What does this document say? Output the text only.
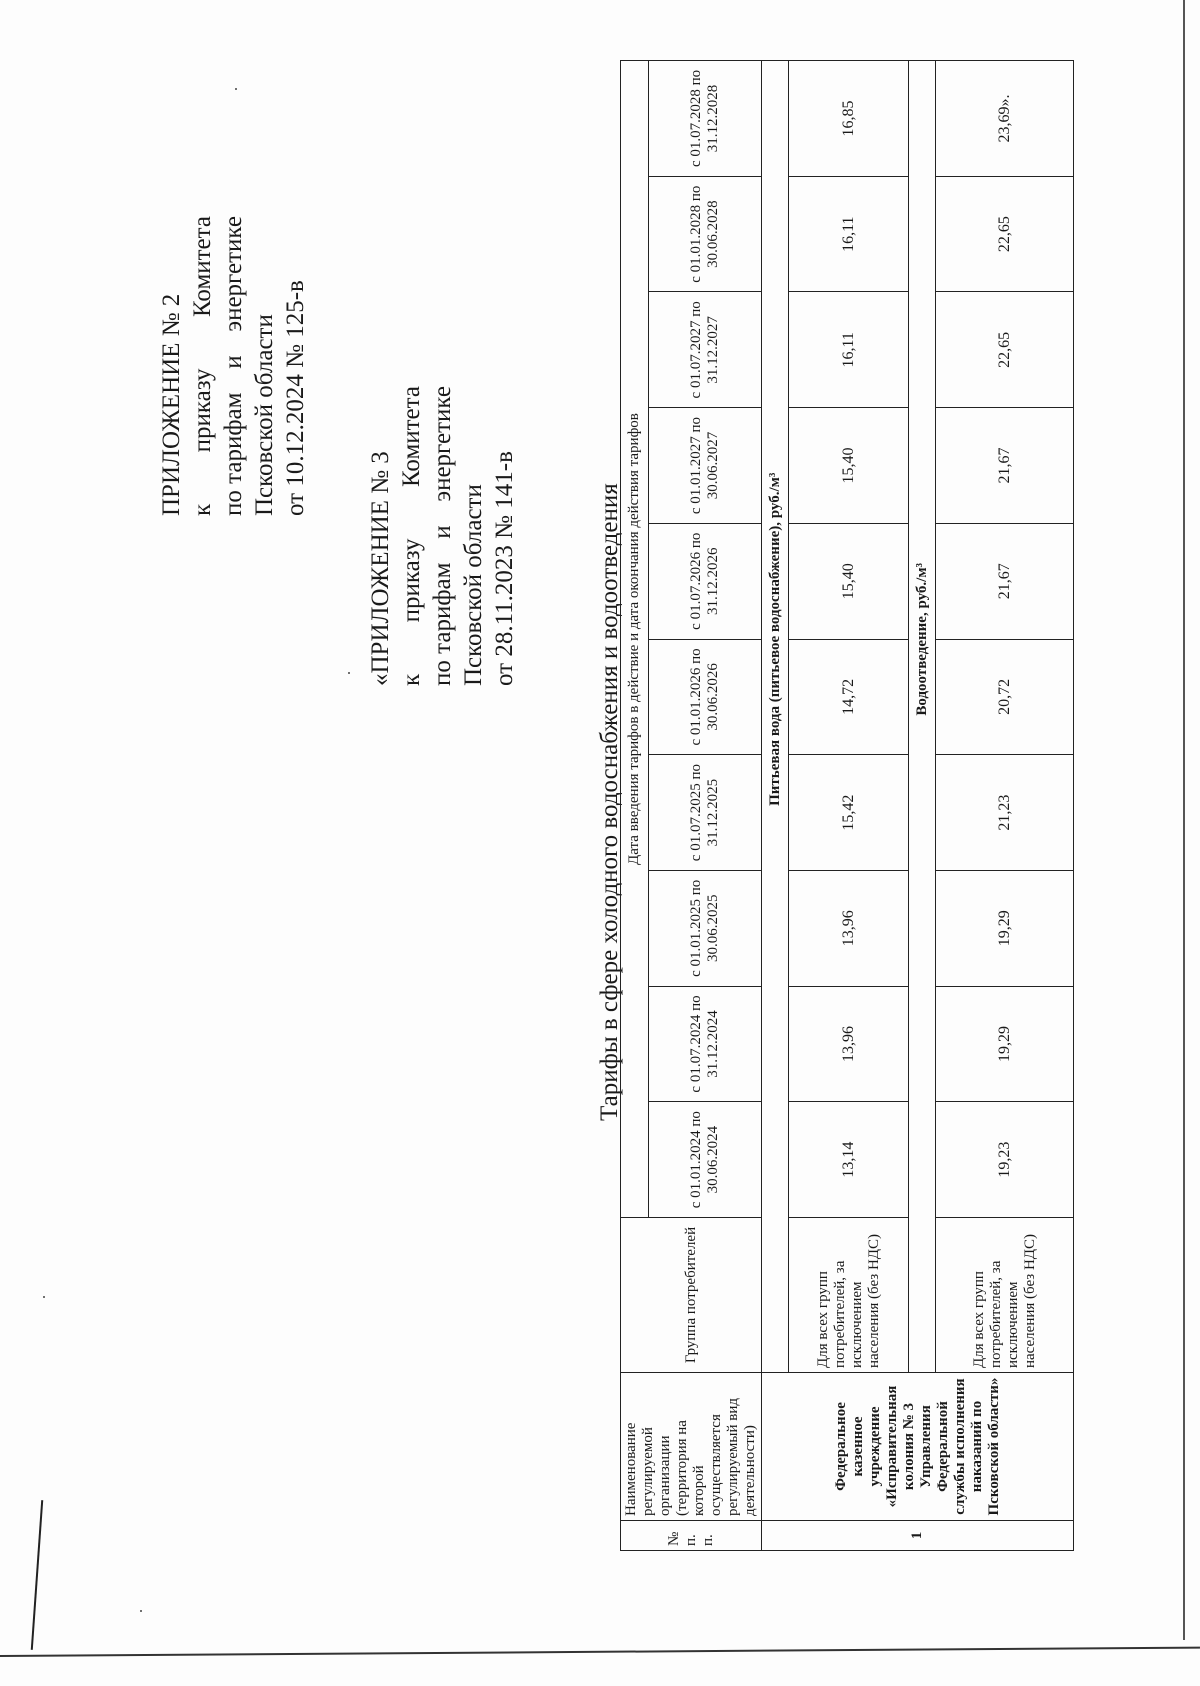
ПРИЛОЖЕНИЕ № 2 к
приказу
Комитета
по тарифам
и
энергетике
Псковской области от 10.12.2024 № 125-в
«ПРИЛОЖЕНИЕ № 3 к
приказу
Комитета
по тарифам
и
энергетике
Псковской области от 28.11.2023 № 141-в	Тарифы в сфере холодного водоснабжения и водоотведения
№ п. п.	Наименование регулируемой организации (территория на которой осуществляется регулируемый вид деятельности)	Группа потребителей	Дата введения тарифов в действие и дата окончания действия тарифов									
			с 01.01.2024 по 30.06.2024	с 01.07.2024 по 31.12.2024	с 01.01.2025 по 30.06.2025	с 01.07.2025 по 31.12.2025	с 01.01.2026 по 30.06.2026	с 01.07.2026 по 31.12.2026	с 01.01.2027 по 30.06.2027	с 01.07.2027 по 31.12.2027	с 01.01.2028 по 30.06.2028	с 01.07.2028 по 31.12.2028
1	Федеральное казенное учреждение «Исправительная колония № 3 Управления Федеральной службы исполнения наказаний по Псковской области»		Питьевая вода (питьевое водоснабжение), руб./м³									
		Для всех групп потребителей, за исключением населения (без НДС)	13,14	13,96	13,96	15,42	14,72	15,40	15,40	16,11	16,11	16,85
			Водоотведение, руб./м³									
		Для всех групп потребителей, за исключением населения (без НДС)	19,23	19,29	19,29	21,23	20,72	21,67	21,67	22,65	22,65	23,69».
